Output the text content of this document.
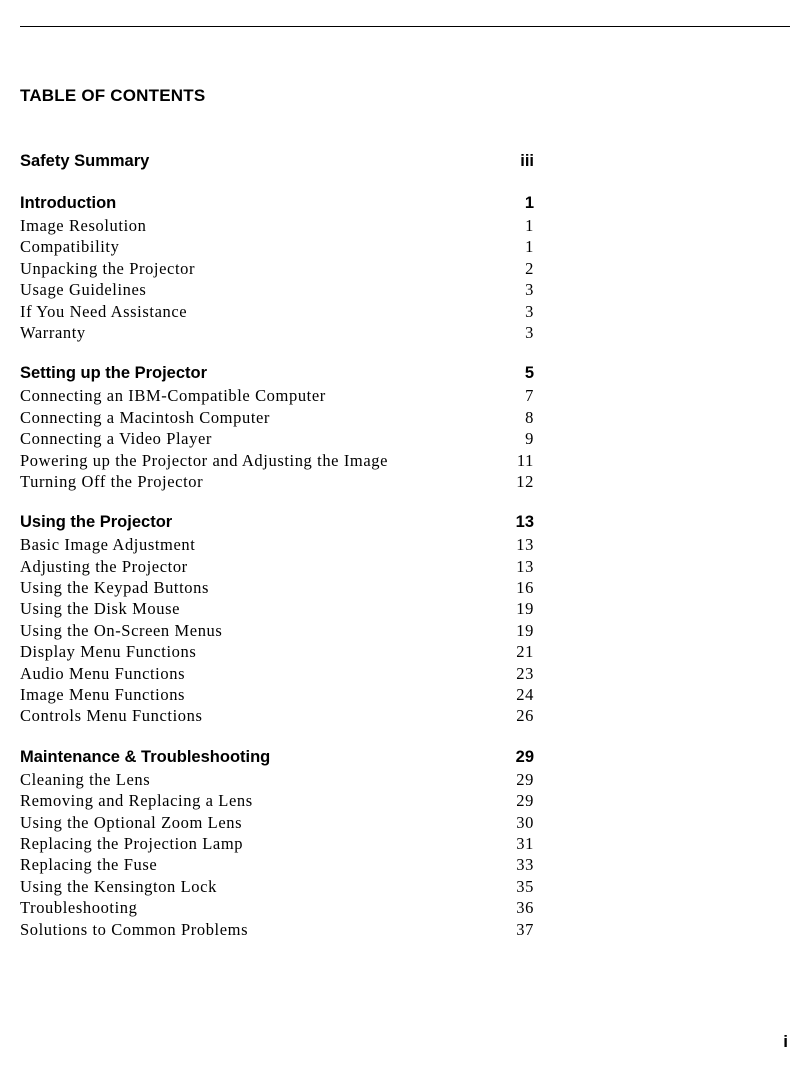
TABLE OF CONTENTS
Safety Summary	iii
Introduction	1
Image Resolution	1
Compatibility	1
Unpacking the Projector	2
Usage Guidelines	3
If You Need Assistance	3
Warranty	3
Setting up the Projector	5
Connecting an IBM-Compatible Computer	7
Connecting a Macintosh Computer	8
Connecting a Video Player	9
Powering up the Projector and Adjusting the Image	11
Turning Off the Projector	12
Using the Projector	13
Basic Image Adjustment	13
Adjusting the Projector	13
Using the Keypad Buttons	16
Using the Disk Mouse	19
Using the On-Screen Menus	19
Display Menu Functions	21
Audio Menu Functions	23
Image Menu Functions	24
Controls Menu Functions	26
Maintenance & Troubleshooting	29
Cleaning the Lens	29
Removing and Replacing a Lens	29
Using the Optional Zoom Lens	30
Replacing the Projection Lamp	31
Replacing the Fuse	33
Using the Kensington Lock	35
Troubleshooting	36
Solutions to Common Problems	37
i
